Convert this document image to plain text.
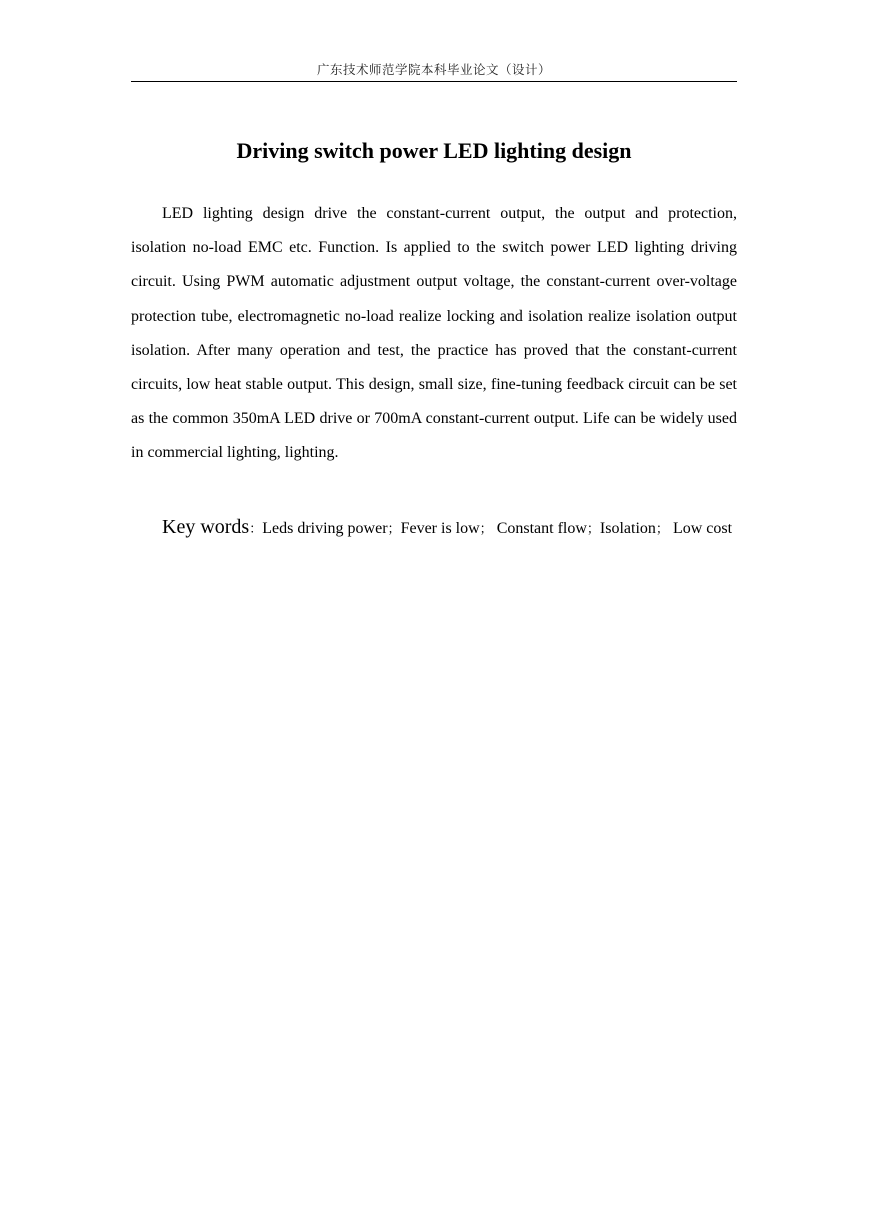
广东技术师范学院本科毕业论文（设计）
Driving switch power LED lighting design

LED lighting design drive the constant-current output, the output and protection, isolation no-load EMC etc. Function. Is applied to the switch power LED lighting driving circuit. Using PWM automatic adjustment output voltage, the constant-current over-voltage protection tube, electromagnetic no-load realize locking and isolation realize isolation output isolation. After many operation and test, the practice has proved that the constant-current circuits, low heat stable output. This design, small size, fine-tuning feedback circuit can be set as the common 350mA LED drive or 700mA constant-current output. Life can be widely used in commercial lighting, lighting.

Key words：Leds driving power；Fever is low； Constant flow；Isolation； Low cost
